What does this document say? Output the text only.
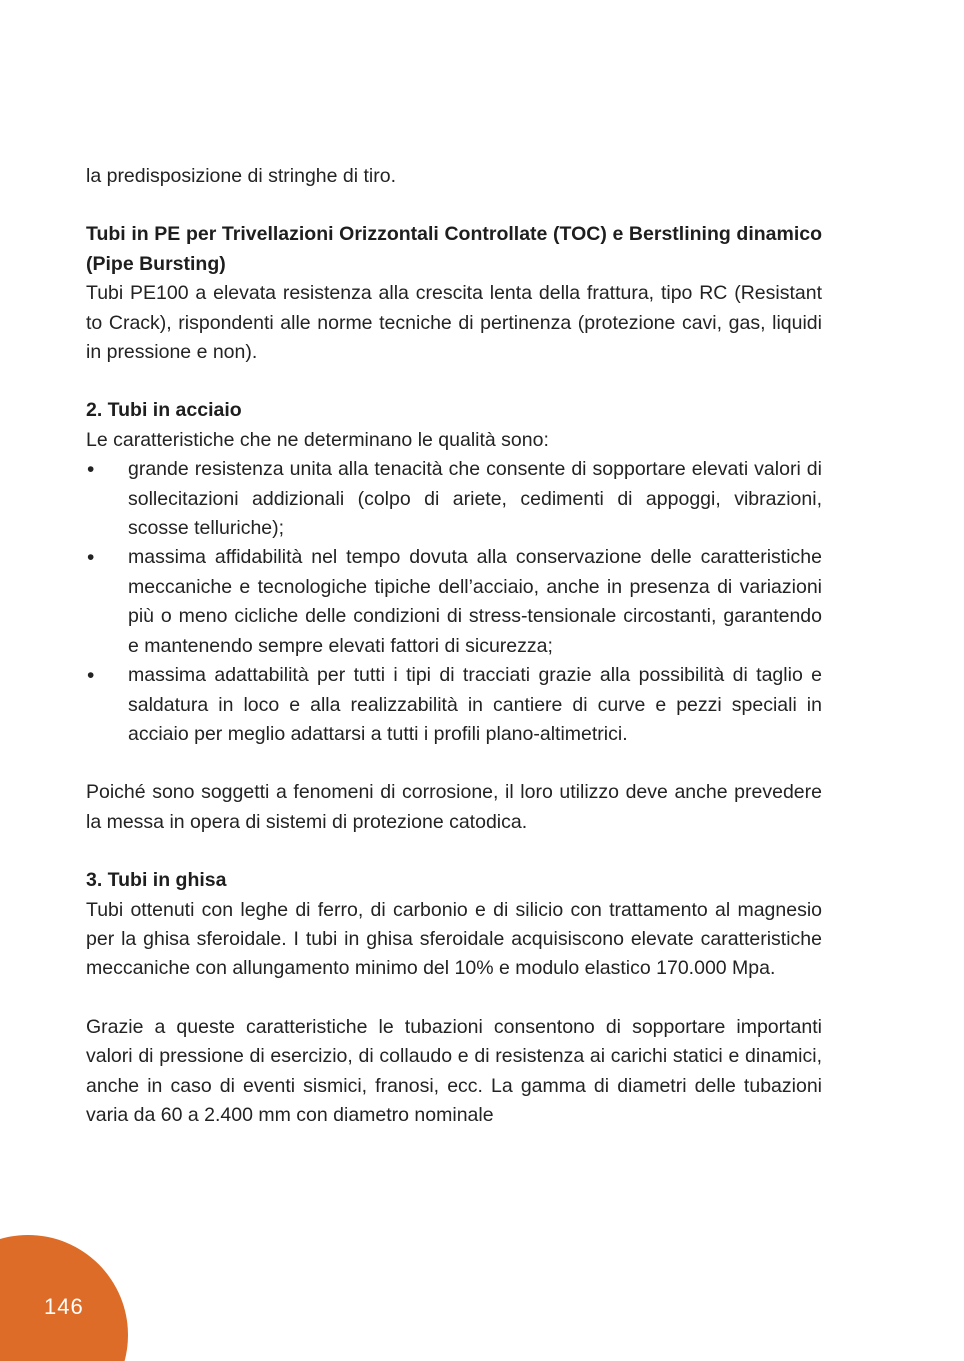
la predisposizione di stringhe di tiro.

Tubi in PE per Trivellazioni Orizzontali Controllate (TOC) e Berstlining dinamico (Pipe Bursting)

Tubi PE100 a elevata resistenza alla crescita lenta della frattura, tipo RC (Resistant to Crack), rispondenti alle norme tecniche di pertinenza (protezione cavi, gas, liquidi in pressione e non).

2. Tubi in acciaio

Le caratteristiche che ne determinano le qualità sono:

• grande resistenza unita alla tenacità che consente di sopportare elevati valori di sollecitazioni addizionali (colpo di ariete, cedimenti di appoggi, vibrazioni, scosse telluriche);
• massima affidabilità nel tempo dovuta alla conservazione delle caratteristiche meccaniche e tecnologiche tipiche dell’acciaio, anche in presenza di variazioni più o meno cicliche delle condizioni di stress-tensionale circostanti, garantendo e mantenendo sempre elevati fattori di sicurezza;
• massima adattabilità per tutti i tipi di tracciati grazie alla possibilità di taglio e saldatura in loco e alla realizzabilità in cantiere di curve e pezzi speciali in acciaio per meglio adattarsi a tutti i profili plano-altimetrici.

Poiché sono soggetti a fenomeni di corrosione, il loro utilizzo deve anche prevedere la messa in opera di sistemi di protezione catodica.

3. Tubi in ghisa

Tubi ottenuti con leghe di ferro, di carbonio e di silicio con trattamento al magnesio per la ghisa sferoidale. I tubi in ghisa sferoidale acquisiscono elevate caratteristiche meccaniche con allungamento minimo del 10% e modulo elastico 170.000 Mpa.

Grazie a queste caratteristiche le tubazioni consentono di sopportare importanti valori di pressione di esercizio, di collaudo e di resistenza ai carichi statici e dinamici, anche in caso di eventi sismici, franosi, ecc. La gamma di diametri delle tubazioni varia da 60 a 2.400 mm con diametro nominale

146
